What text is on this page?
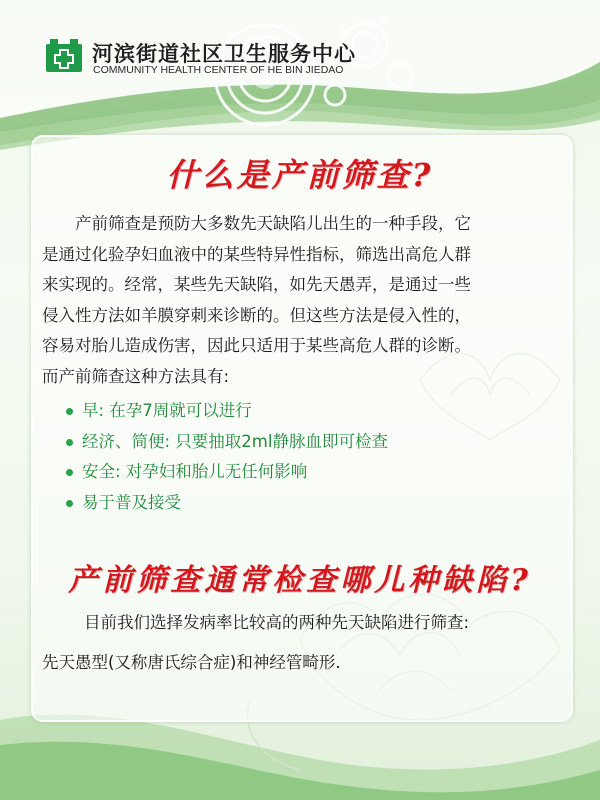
河滨街道社区卫生服务中心
COMMUNITY HEALTH CENTER OF HE BIN JIEDAO
什么是产前筛查?
产前筛查是预防大多数先天缺陷儿出生的一种手段，它
是通过化验孕妇血液中的某些特异性指标，筛选出高危人群
来实现的。经常，某些先天缺陷，如先天愚弄，是通过一些
侵入性方法如羊膜穿刺来诊断的。但这些方法是侵入性的，
容易对胎儿造成伤害，因此只适用于某些高危人群的诊断。
而产前筛查这种方法具有:
早: 在孕7周就可以进行
经济、简便: 只要抽取2ml静脉血即可检查
安全: 对孕妇和胎儿无任何影响
易于普及接受
产前筛查通常检查哪儿种缺陷?
目前我们选择发病率比较高的两种先天缺陷进行筛查:
先天愚型(又称唐氏综合症)和神经管畸形.
